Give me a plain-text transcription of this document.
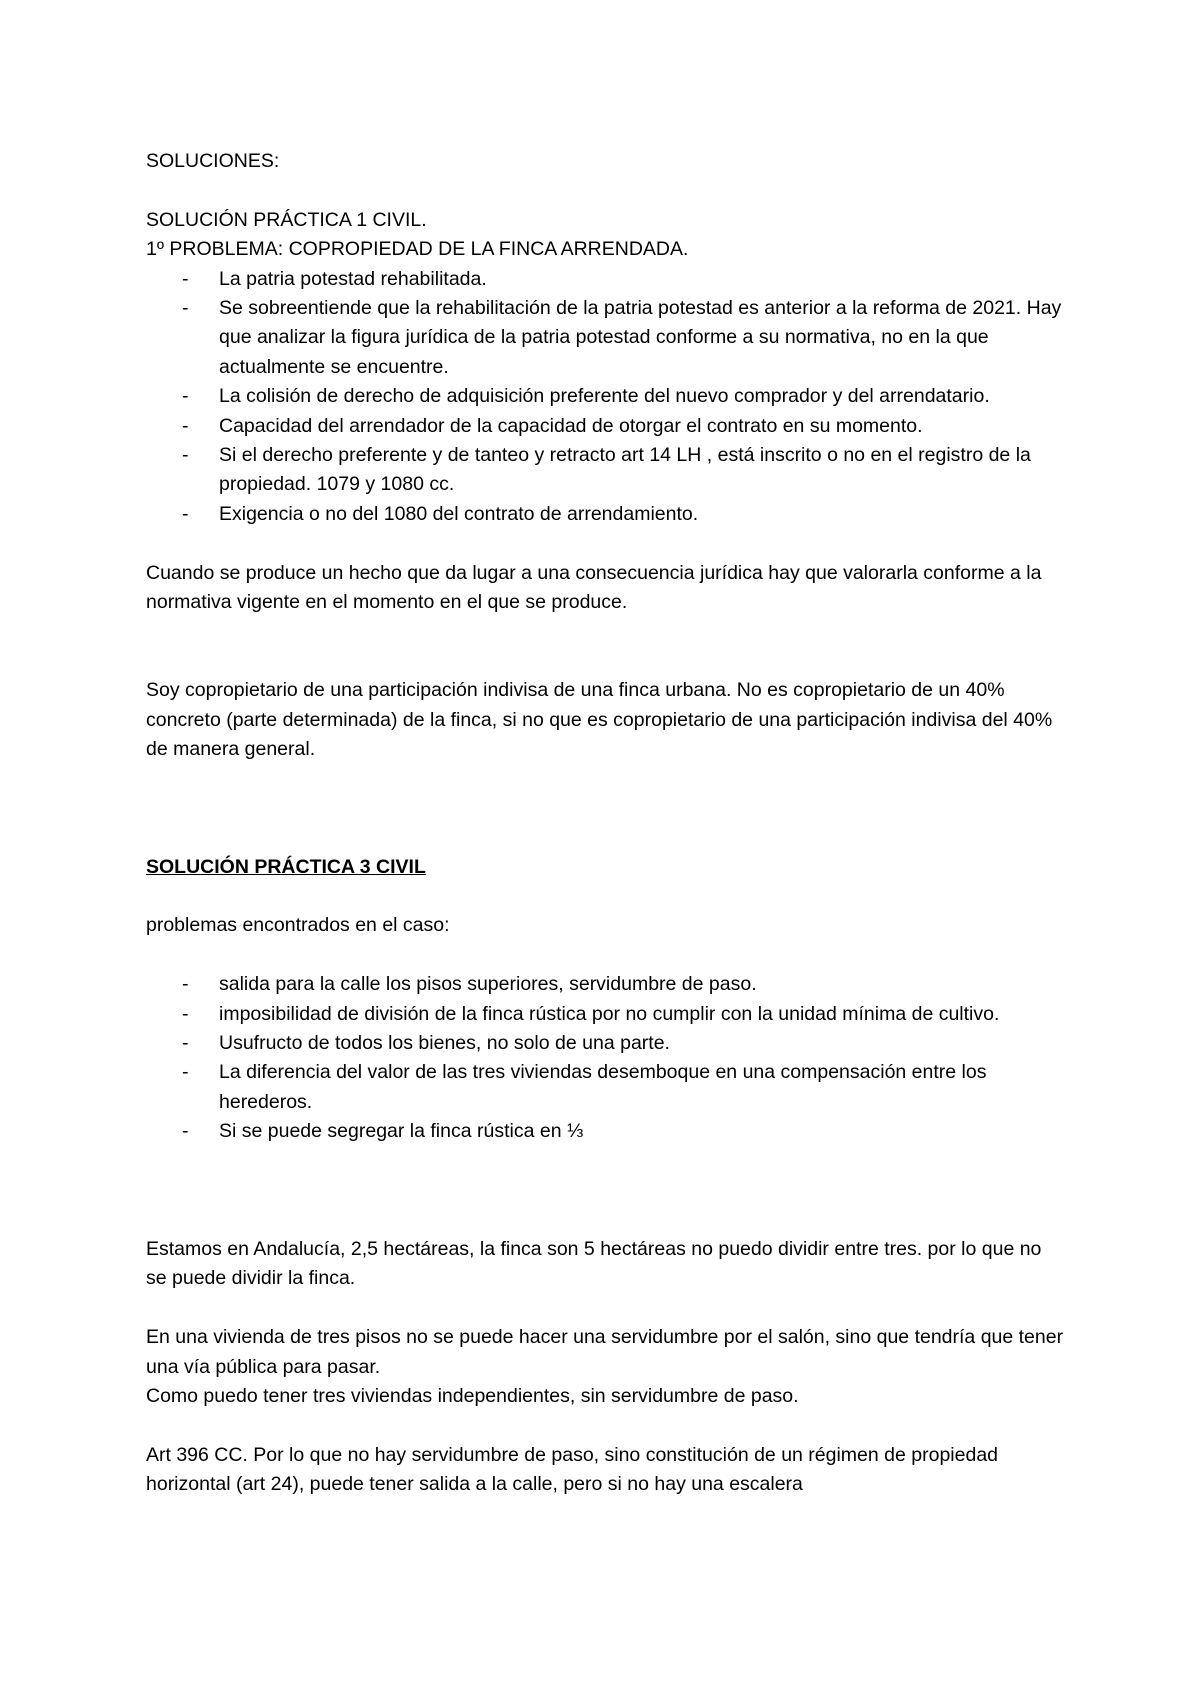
SOLUCIONES:

SOLUCIÓN PRÁCTICA 1 CIVIL.

1º PROBLEMA: COPROPIEDAD DE LA FINCA ARRENDADA.

- La patria potestad rehabilitada.
- Se sobreentiende que la rehabilitación de la patria potestad es anterior a la reforma de 2021. Hay que analizar la figura jurídica de la patria potestad conforme a su normativa, no en la que actualmente se encuentre.
- La colisión de derecho de adquisición preferente del nuevo comprador y del arrendatario.
- Capacidad del arrendador de la capacidad de otorgar el contrato en su momento.
- Si el derecho preferente y de tanteo y retracto art 14 LH , está inscrito o no en el registro de la propiedad. 1079 y 1080 cc.
- Exigencia o no del 1080 del contrato de arrendamiento.

Cuando se produce un hecho que da lugar a una consecuencia jurídica hay que valorarla conforme a la normativa vigente en el momento en el que se produce.

Soy copropietario de una participación indivisa de una finca urbana. No es copropietario de un 40% concreto (parte determinada) de la finca, si no que es copropietario de una participación indivisa del 40% de manera general.

SOLUCIÓN PRÁCTICA 3 CIVIL

problemas encontrados en el caso:

- salida para la calle los pisos superiores, servidumbre de paso.
- imposibilidad de división de la finca rústica por no cumplir con la unidad mínima de cultivo.
- Usufructo de todos los bienes, no solo de una parte.
- La diferencia del valor de las tres viviendas desemboque en una compensación entre los herederos.
- Si se puede segregar la finca rústica en ⅓

Estamos en Andalucía, 2,5 hectáreas, la finca son 5 hectáreas no puedo dividir entre tres. por lo que no se puede dividir la finca.

En una vivienda de tres pisos no se puede hacer una servidumbre por el salón, sino que tendría que tener una vía pública para pasar.

Como puedo tener tres viviendas independientes, sin servidumbre de paso.

Art 396 CC. Por lo que no hay servidumbre de paso, sino constitución de un régimen de propiedad horizontal (art 24), puede tener salida a la calle, pero si no hay una escalera
